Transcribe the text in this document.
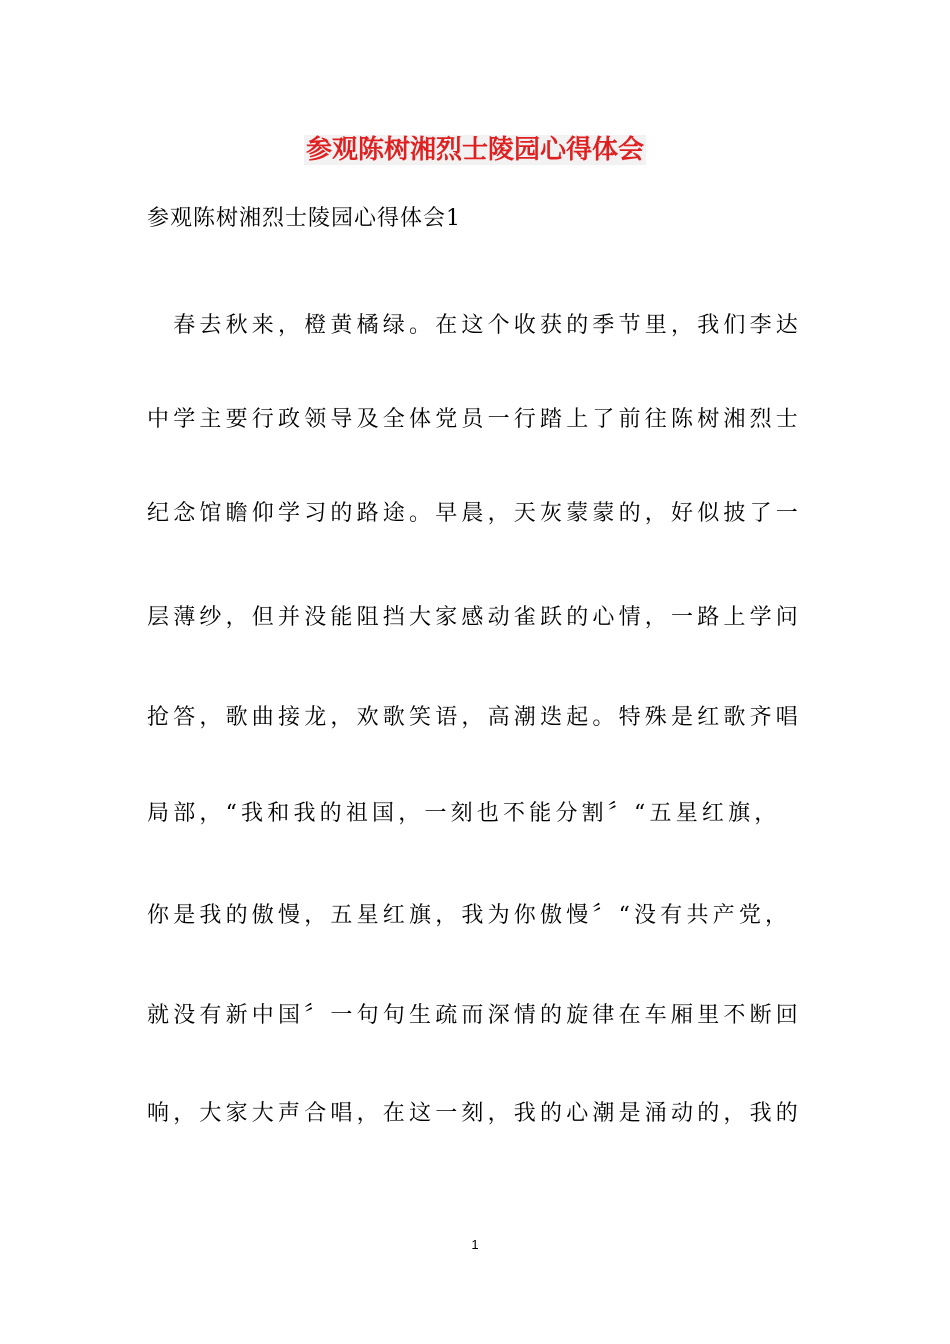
参观陈树湘烈士陵园心得体会
参观陈树湘烈士陵园心得体会1
　春去秋来，橙黄橘绿。在这个收获的季节里，我们李达
中学主要行政领导及全体党员一行踏上了前往陈树湘烈士
纪念馆瞻仰学习的路途。早晨，天灰蒙蒙的，好似披了一
层薄纱，但并没能阻挡大家感动雀跃的心情，一路上学问
抢答，歌曲接龙，欢歌笑语，高潮迭起。特殊是红歌齐唱
局部，“我和我的祖国，一刻也不能分割〞“五星红旗，
你是我的傲慢，五星红旗，我为你傲慢〞“没有共产党，
就没有新中国〞一句句生疏而深情的旋律在车厢里不断回
响，大家大声合唱，在这一刻，我的心潮是涌动的，我的
1
